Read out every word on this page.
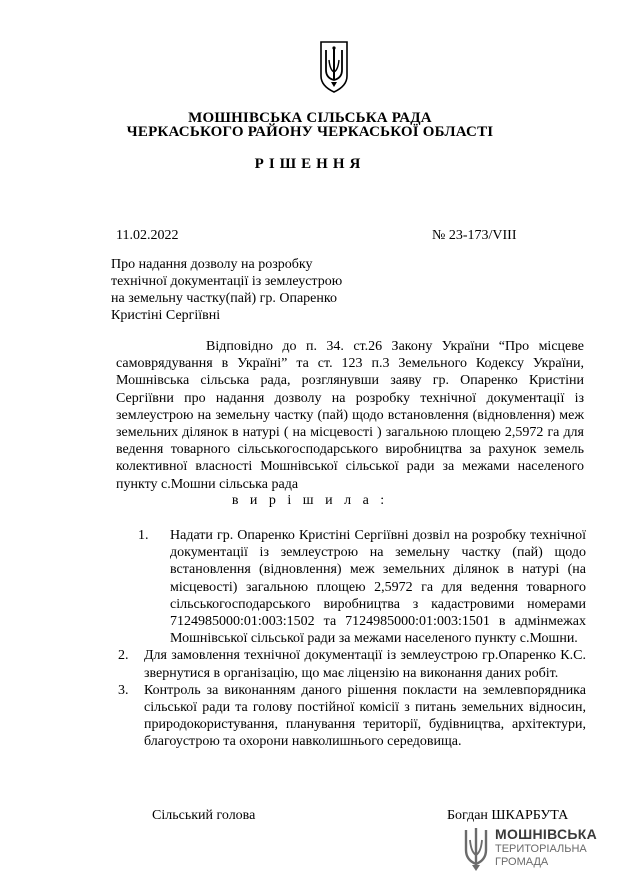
МОШНІВСЬКА СІЛЬСЬКА РАДА
ЧЕРКАСЬКОГО РАЙОНУ ЧЕРКАСЬКОЇ ОБЛАСТІ
РІШЕННЯ
11.02.2022	№ 23-173/VIII
Про надання дозволу на розробку
технічної документації із землеустрою
на земельну частку(пай) гр. Опаренко
Кристіні Сергіївні

Відповідно до п. 34. ст.26 Закону України “Про місцеве самоврядування в Україні” та ст. 123 п.3 Земельного Кодексу України, Мошнівська сільська рада, розглянувши заяву гр. Опаренко Кристіни Сергіївни про надання дозволу на розробку технічної документації із землеустрою на земельну частку (пай) щодо встановлення (відновлення) меж земельних ділянок в натурі ( на місцевості ) загальною площею 2,5972 га для ведення товарного сільськогосподарського виробництва за рахунок земель колективної власності Мошнівської сільської ради за межами населеного пункту с.Мошни сільська рада

в и р і ш и л а :
1.	Надати гр. Опаренко Кристіні Сергіївні дозвіл на розробку технічної документації із землеустрою на земельну частку (пай) щодо встановлення (відновлення) меж земельних ділянок в натурі (на місцевості) загальною площею 2,5972 га для ведення товарного сільськогосподарського виробництва з кадастровими номерами 7124985000:01:003:1502 та 7124985000:01:003:1501 в адмінмежах Мошнівської сільської ради за межами населеного пункту с.Мошни.
2. Для замовлення технічної документації із землеустрою гр.Опаренко К.С. звернутися в організацію, що має ліцензію на виконання даних робіт.
3. Контроль за виконанням даного рішення покласти на землевпорядника сільської ради та голову постійної комісії з питань земельних відносин, природокористування, планування території, будівництва, архітектури, благоустрою та охорони навколишнього середовища.
Сільський голова	Богдан ШКАРБУТА
МОШНІВСЬКА
ТЕРИТОРІАЛЬНА
ГРОМАДА
